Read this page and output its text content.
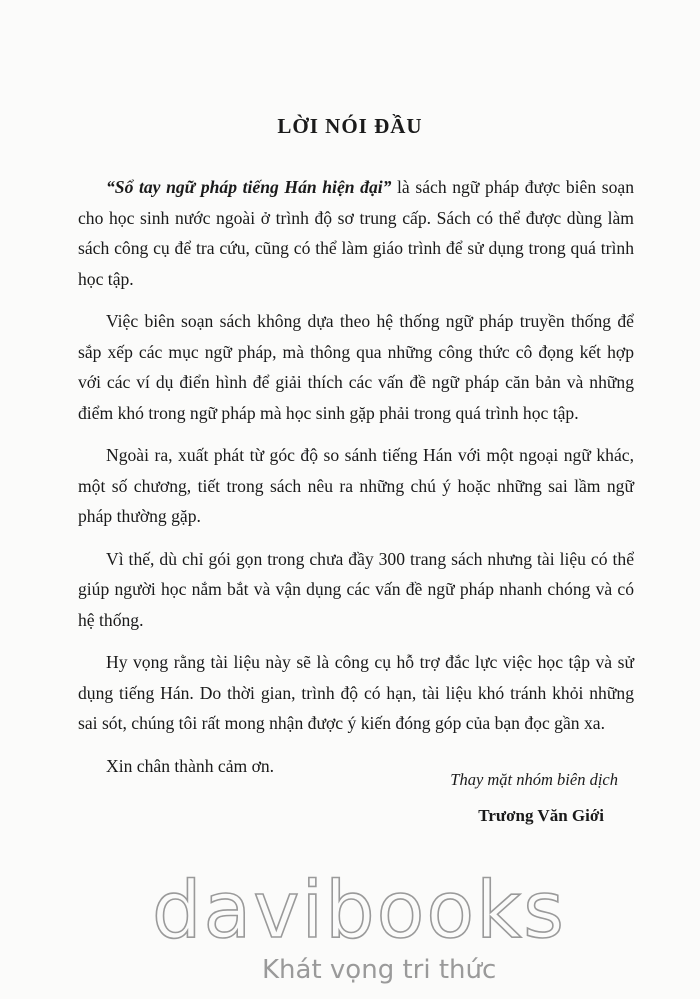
LỜI NÓI ĐẦU

“Sổ tay ngữ pháp tiếng Hán hiện đại” là sách ngữ pháp được biên soạn cho học sinh nước ngoài ở trình độ sơ trung cấp. Sách có thể được dùng làm sách công cụ để tra cứu, cũng có thể làm giáo trình để sử dụng trong quá trình học tập.

Việc biên soạn sách không dựa theo hệ thống ngữ pháp truyền thống để sắp xếp các mục ngữ pháp, mà thông qua những công thức cô đọng kết hợp với các ví dụ điển hình để giải thích các vấn đề ngữ pháp căn bản và những điểm khó trong ngữ pháp mà học sinh gặp phải trong quá trình học tập.

Ngoài ra, xuất phát từ góc độ so sánh tiếng Hán với một ngoại ngữ khác, một số chương, tiết trong sách nêu ra những chú ý hoặc những sai lầm ngữ pháp thường gặp.

Vì thế, dù chỉ gói gọn trong chưa đầy 300 trang sách nhưng tài liệu có thể giúp người học nắm bắt và vận dụng các vấn đề ngữ pháp nhanh chóng và có hệ thống.

Hy vọng rằng tài liệu này sẽ là công cụ hỗ trợ đắc lực việc học tập và sử dụng tiếng Hán. Do thời gian, trình độ có hạn, tài liệu khó tránh khỏi những sai sót, chúng tôi rất mong nhận được ý kiến đóng góp của bạn đọc gần xa.

Xin chân thành cảm ơn.

Thay mặt nhóm biên dịch
Trương Văn Giới
davibooks
Khát vọng tri thức
